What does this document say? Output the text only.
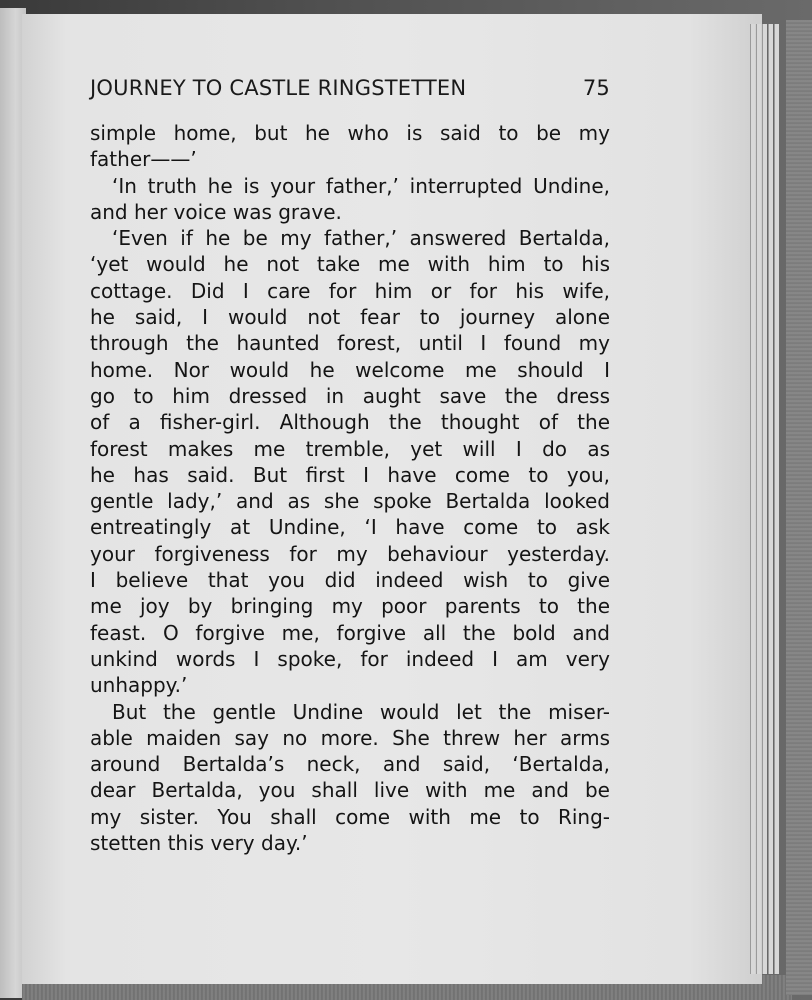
JOURNEY TO CASTLE RINGSTETTEN	75
simple home, but he who is said to be my
father——’
‘In truth he is your father,’ interrupted Undine,
and her voice was grave.
‘Even if he be my father,’ answered Bertalda,
‘yet would he not take me with him to his
cottage. Did I care for him or for his wife,
he said, I would not fear to journey alone
through the haunted forest, until I found my
home. Nor would he welcome me should I
go to him dressed in aught save the dress
of a fisher-girl. Although the thought of the
forest makes me tremble, yet will I do as
he has said. But first I have come to you,
gentle lady,’ and as she spoke Bertalda looked
entreatingly at Undine, ‘I have come to ask
your forgiveness for my behaviour yesterday.
I believe that you did indeed wish to give
me joy by bringing my poor parents to the
feast. O forgive me, forgive all the bold and
unkind words I spoke, for indeed I am very
unhappy.’
But the gentle Undine would let the miser-
able maiden say no more. She threw her arms
around Bertalda’s neck, and said, ‘Bertalda,
dear Bertalda, you shall live with me and be
my sister. You shall come with me to Ring-
stetten this very day.’
